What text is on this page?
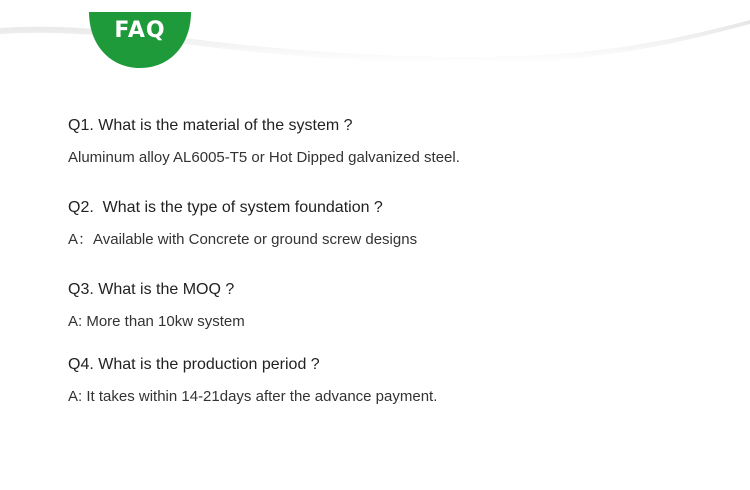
FAQ
Q1. What is the material of the system ?
Aluminum alloy AL6005-T5 or Hot Dipped galvanized steel.
Q2.  What is the type of system foundation ?
A：Available with Concrete or ground screw designs
Q3. What is the MOQ ?
A: More than 10kw system
Q4. What is the production period ?
A: It takes within 14-21days after the advance payment.
